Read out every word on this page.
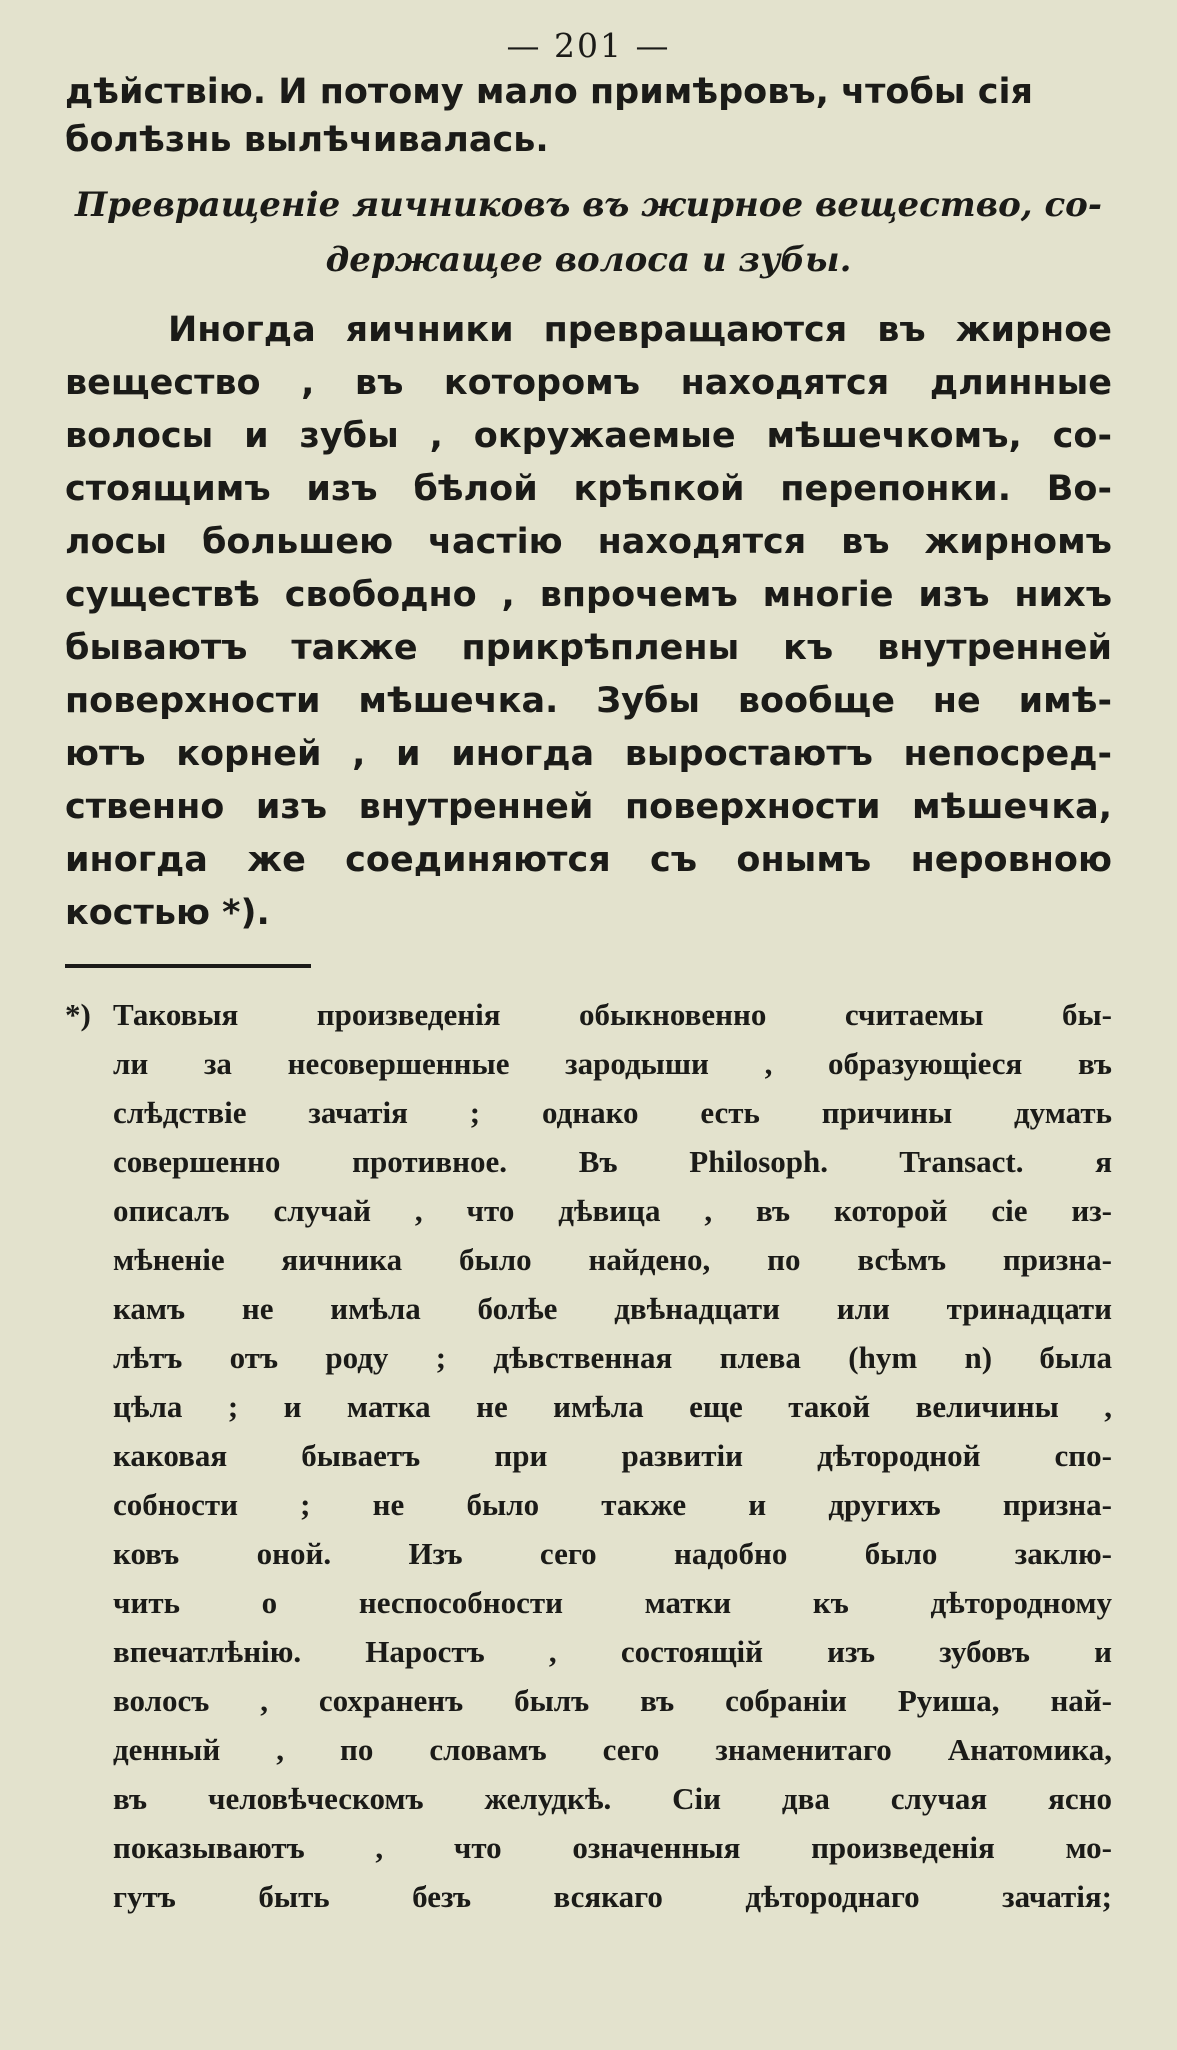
— 201 —
дѣйствію. И потому мало примѣровъ, чтобы сія
болѣзнь вылѣчивалась.
Превращеніе яичниковъ въ жирное вещество, со-
держащее волоса и зубы.
Иногда яичники превращаются въ жирное
вещество , въ которомъ находятся длинные
волосы и зубы , окружаемые мѣшечкомъ, со-
стоящимъ изъ бѣлой крѣпкой перепонки. Во-
лосы большею частію находятся въ жирномъ
существѣ свободно , впрочемъ многіе изъ нихъ
бываютъ также прикрѣплены къ внутренней
поверхности мѣшечка. Зубы вообще не имѣ-
ютъ корней , и иногда выростаютъ непосред-
ственно изъ внутренней поверхности мѣшечка,
иногда же соединяются съ онымъ неровною
костью *).
*) Таковыя произведенія обыкновенно считаемы бы-
ли за несовершенные зародыши , образующіеся въ
слѣдствіе зачатія ; однако есть причины думать
совершенно противное. Въ Philosoph. Transact. я
описалъ случай , что дѣвица , въ которой сіе из-
мѣненіе яичника было найдено, по всѣмъ призна-
камъ не имѣла болѣе двѣнадцати или тринадцати
лѣтъ отъ роду ; дѣвственная плева (hym n) была
цѣла ; и матка не имѣла еще такой величины ,
каковая бываетъ при развитіи дѣтородной спо-
собности ; не было также и другихъ призна-
ковъ оной. Изъ сего надобно было заклю-
чить о неспособности матки къ дѣтородному
впечатлѣнію. Наростъ , состоящій изъ зубовъ и
волосъ , сохраненъ былъ въ собраніи Руиша, най-
денный , по словамъ сего знаменитаго Анатомика,
въ человѣческомъ желудкѣ. Сіи два случая ясно
показываютъ , что означенныя произведенія мо-
гутъ быть безъ всякаго дѣтороднаго зачатія;
